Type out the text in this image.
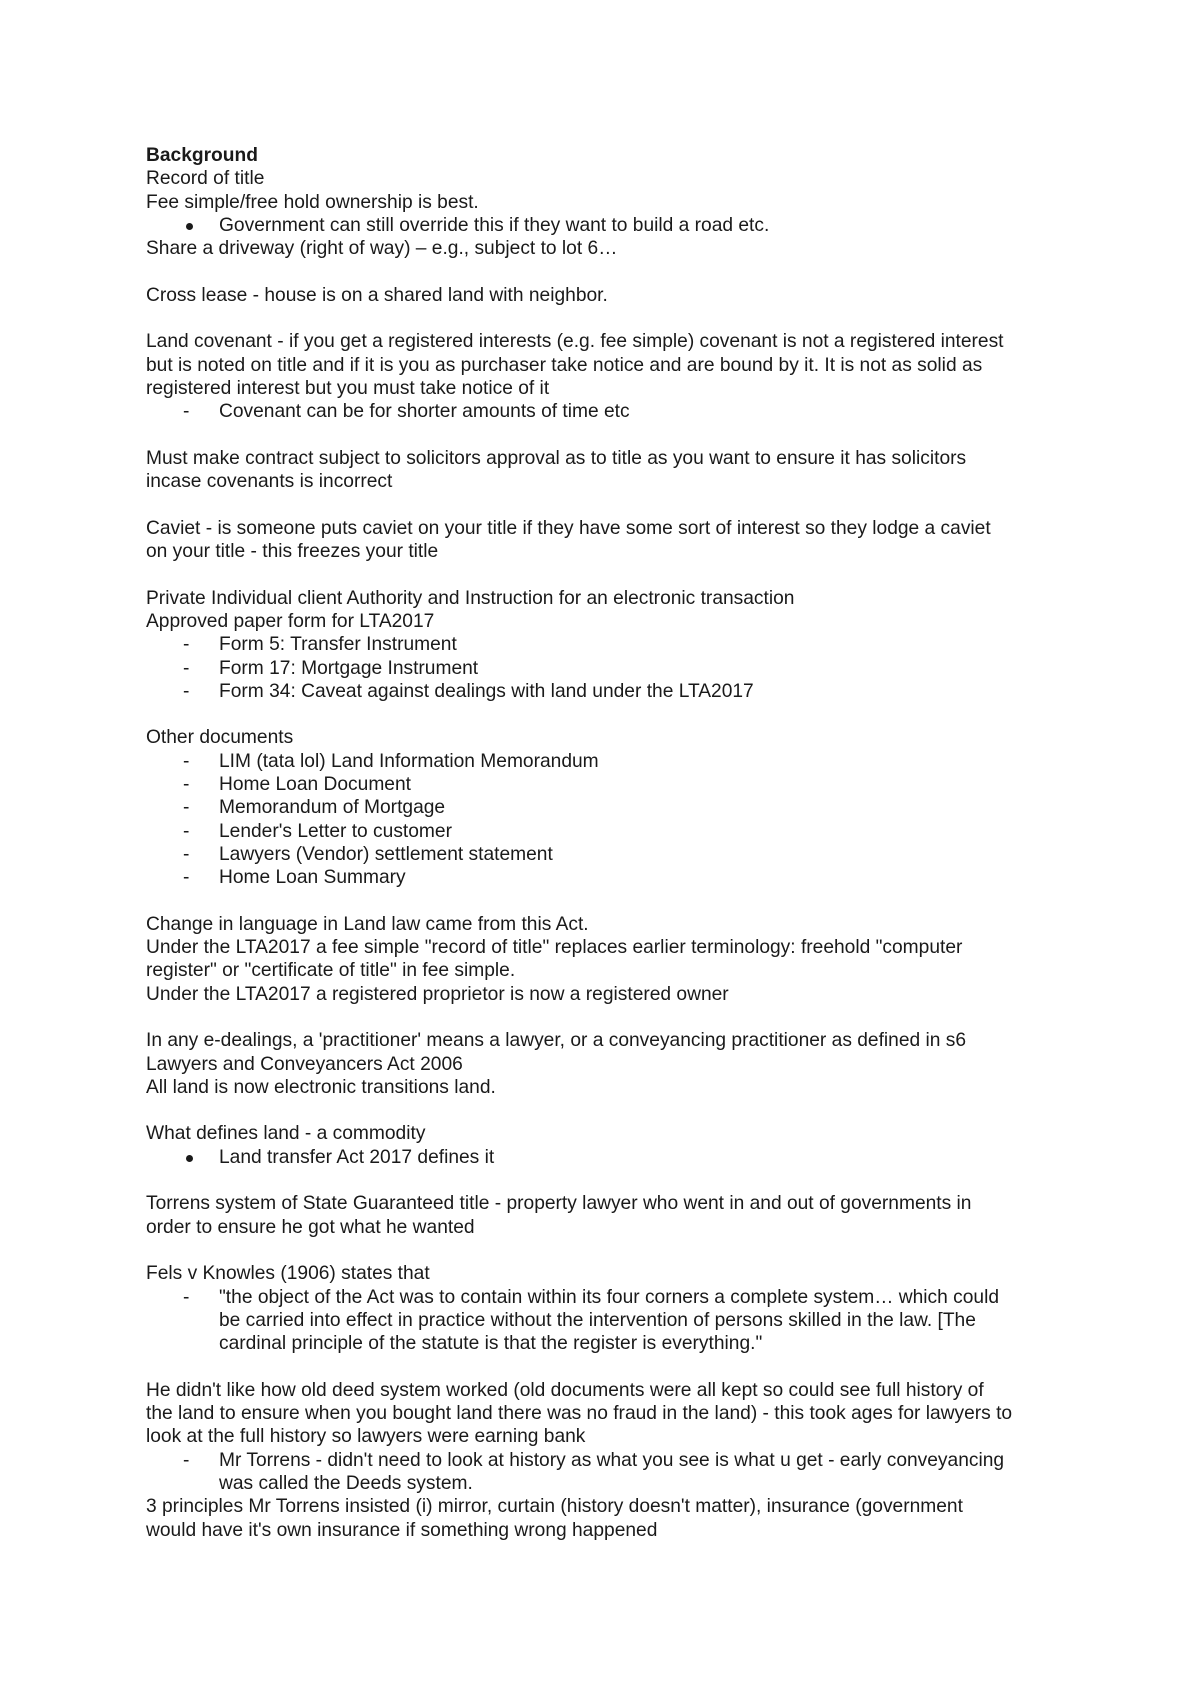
Background
Record of title
Fee simple/free hold ownership is best.
Government can still override this if they want to build a road etc.
Share a driveway (right of way) – e.g., subject to lot 6…
Cross lease - house is on a shared land with neighbor.
Land covenant - if you get a registered interests (e.g. fee simple) covenant is not a registered interest
but is noted on title and if it is you as purchaser take notice and are bound by it. It is not as solid as
registered interest but you must take notice of it
-	Covenant can be for shorter amounts of time etc
Must make contract subject to solicitors approval as to title as you want to ensure it has solicitors
incase covenants is incorrect
Caviet - is someone puts caviet on your title if they have some sort of interest so they lodge a caviet
on your title - this freezes your title
Private Individual client Authority and Instruction for an electronic transaction
Approved paper form for LTA2017
-	Form 5: Transfer Instrument
-	Form 17: Mortgage Instrument
-	Form 34: Caveat against dealings with land under the LTA2017
Other documents
-	LIM (tata lol) Land Information Memorandum
-	Home Loan Document
-	Memorandum of Mortgage
-	Lender's Letter to customer
-	Lawyers (Vendor) settlement statement
-	Home Loan Summary
Change in language in Land law came from this Act.
Under the LTA2017 a fee simple "record of title" replaces earlier terminology: freehold "computer
register" or "certificate of title" in fee simple.
Under the LTA2017 a registered proprietor is now a registered owner
In any e-dealings, a 'practitioner' means a lawyer, or a conveyancing practitioner as defined in s6
Lawyers and Conveyancers Act 2006
All land is now electronic transitions land.
What defines land - a commodity
Land transfer Act 2017 defines it
Torrens system of State Guaranteed title - property lawyer who went in and out of governments in
order to ensure he got what he wanted
Fels v Knowles (1906) states that
-	"the object of the Act was to contain within its four corners a complete system… which could
be carried into effect in practice without the intervention of persons skilled in the law. [The
cardinal principle of the statute is that the register is everything."
He didn't like how old deed system worked (old documents were all kept so could see full history of
the land to ensure when you bought land there was no fraud in the land) - this took ages for lawyers to
look at the full history so lawyers were earning bank
-	Mr Torrens - didn't need to look at history as what you see is what u get - early conveyancing
was called the Deeds system.
3 principles Mr Torrens insisted (i) mirror, curtain (history doesn't matter), insurance (government
would have it's own insurance if something wrong happened
